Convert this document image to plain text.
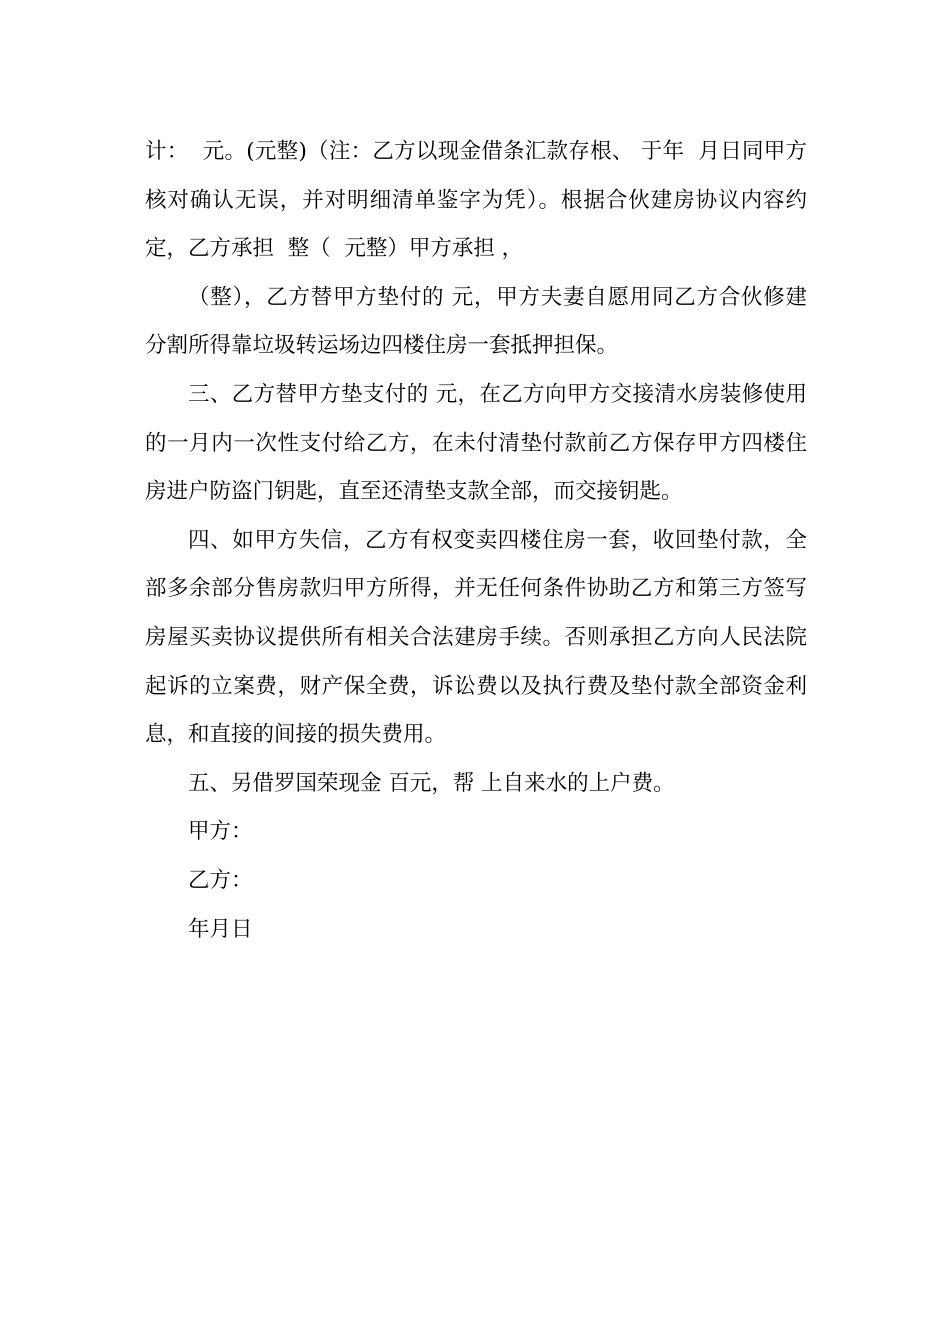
计：  元。(元整)（注：乙方以现金借条汇款存根、 于年  月日同甲方核对确认无误，并对明细清单鉴字为凭）。根据合伙建房协议内容约定，乙方承担  整（  元整）甲方承担 ，

（整），乙方替甲方垫付的 元，甲方夫妻自愿用同乙方合伙修建分割所得靠垃圾转运场边四楼住房一套抵押担保。

三、乙方替甲方垫支付的 元，在乙方向甲方交接清水房装修使用的一月内一次性支付给乙方，在未付清垫付款前乙方保存甲方四楼住房进户防盗门钥匙，直至还清垫支款全部，而交接钥匙。

四、如甲方失信，乙方有权变卖四楼住房一套，收回垫付款，全部多余部分售房款归甲方所得，并无任何条件协助乙方和第三方签写房屋买卖协议提供所有相关合法建房手续。否则承担乙方向人民法院起诉的立案费，财产保全费，诉讼费以及执行费及垫付款全部资金利息，和直接的间接的损失费用。

五、另借罗国荣现金 百元，帮 上自来水的上户费。

甲方：

乙方：

年月日
